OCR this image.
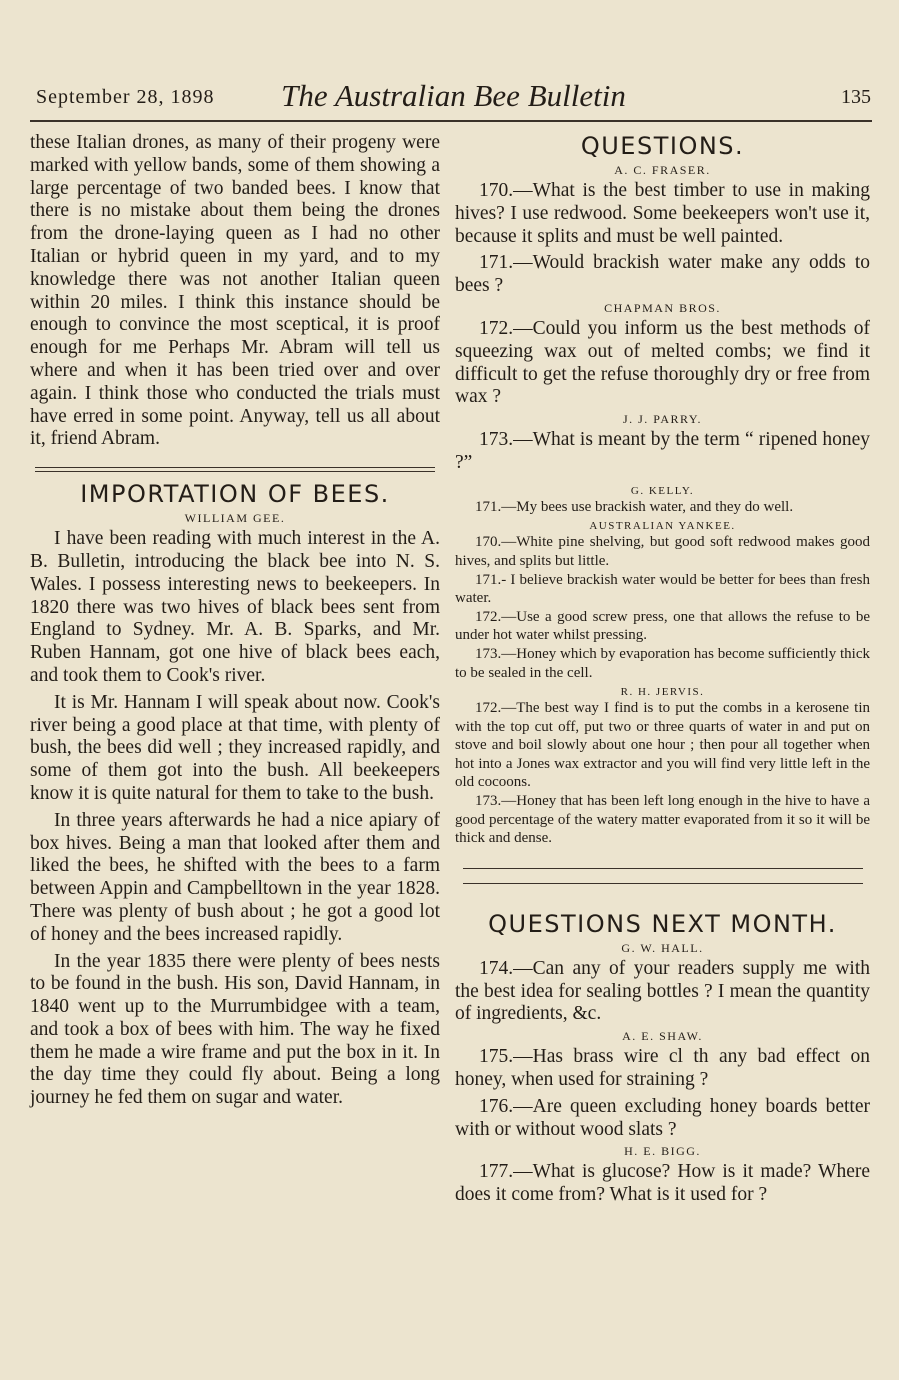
September 28, 1898	The Australian Bee Bulletin	135

these Italian drones, as many of their progeny were marked with yellow bands, some of them showing a large percentage of two banded bees. I know that there is no mistake about them being the drones from the drone-laying queen as I had no other Italian or hybrid queen in my yard, and to my knowledge there was not another Italian queen within 20 miles. I think this instance should be enough to convince the most sceptical, it is proof enough for me Perhaps Mr. Abram will tell us where and when it has been tried over and over again. I think those who conducted the trials must have erred in some point. Anyway, tell us all about it, friend Abram.

IMPORTATION OF BEES.
WILLIAM GEE.

I have been reading with much interest in the A. B. Bulletin, introducing the black bee into N. S. Wales. I possess interesting news to beekeepers. In 1820 there was two hives of black bees sent from England to Sydney. Mr. A. B. Sparks, and Mr. Ruben Hannam, got one hive of black bees each, and took them to Cook's river.

It is Mr. Hannam I will speak about now. Cook's river being a good place at that time, with plenty of bush, the bees did well ; they increased rapidly, and some of them got into the bush. All beekeepers know it is quite natural for them to take to the bush.

In three years afterwards he had a nice apiary of box hives. Being a man that looked after them and liked the bees, he shifted with the bees to a farm between Appin and Campbelltown in the year 1828. There was plenty of bush about ; he got a good lot of honey and the bees increased rapidly.

In the year 1835 there were plenty of bees nests to be found in the bush. His son, David Hannam, in 1840 went up to the Murrumbidgee with a team, and took a box of bees with him. The way he fixed them he made a wire frame and put the box in it. In the day time they could fly about. Being a long journey he fed them on sugar and water.

QUESTIONS.
A. C. FRASER.

170.—What is the best timber to use in making hives? I use redwood. Some beekeepers won't use it, because it splits and must be well painted.

171.—Would brackish water make any odds to bees ?

CHAPMAN BROS.

172.—Could you inform us the best methods of squeezing wax out of melted combs; we find it difficult to get the refuse thoroughly dry or free from wax ?

J. J. PARRY.

173.—What is meant by the term “ ripened honey ?”

G. KELLY.

171.—My bees use brackish water, and they do well.

AUSTRALIAN YANKEE.

170.—White pine shelving, but good soft redwood makes good hives, and splits but little.

171.- I believe brackish water would be better for bees than fresh water.

172.—Use a good screw press, one that allows the refuse to be under hot water whilst pressing.

173.—Honey which by evaporation has become sufficiently thick to be sealed in the cell.

R. H. JERVIS.

172.—The best way I find is to put the combs in a kerosene tin with the top cut off, put two or three quarts of water in and put on stove and boil slowly about one hour ; then pour all together when hot into a Jones wax extractor and you will find very little left in the old cocoons.

173.—Honey that has been left long enough in the hive to have a good percentage of the watery matter evaporated from it so it will be thick and dense.

QUESTIONS NEXT MONTH.
G. W. HALL.

174.—Can any of your readers supply me with the best idea for sealing bottles ? I mean the quantity of ingredients, &c.

A. E. SHAW.

175.—Has brass wire cl th any bad effect on honey, when used for straining ?

176.—Are queen excluding honey boards better with or without wood slats ?

H. E. BIGG.

177.—What is glucose? How is it made? Where does it come from? What is it used for ?
